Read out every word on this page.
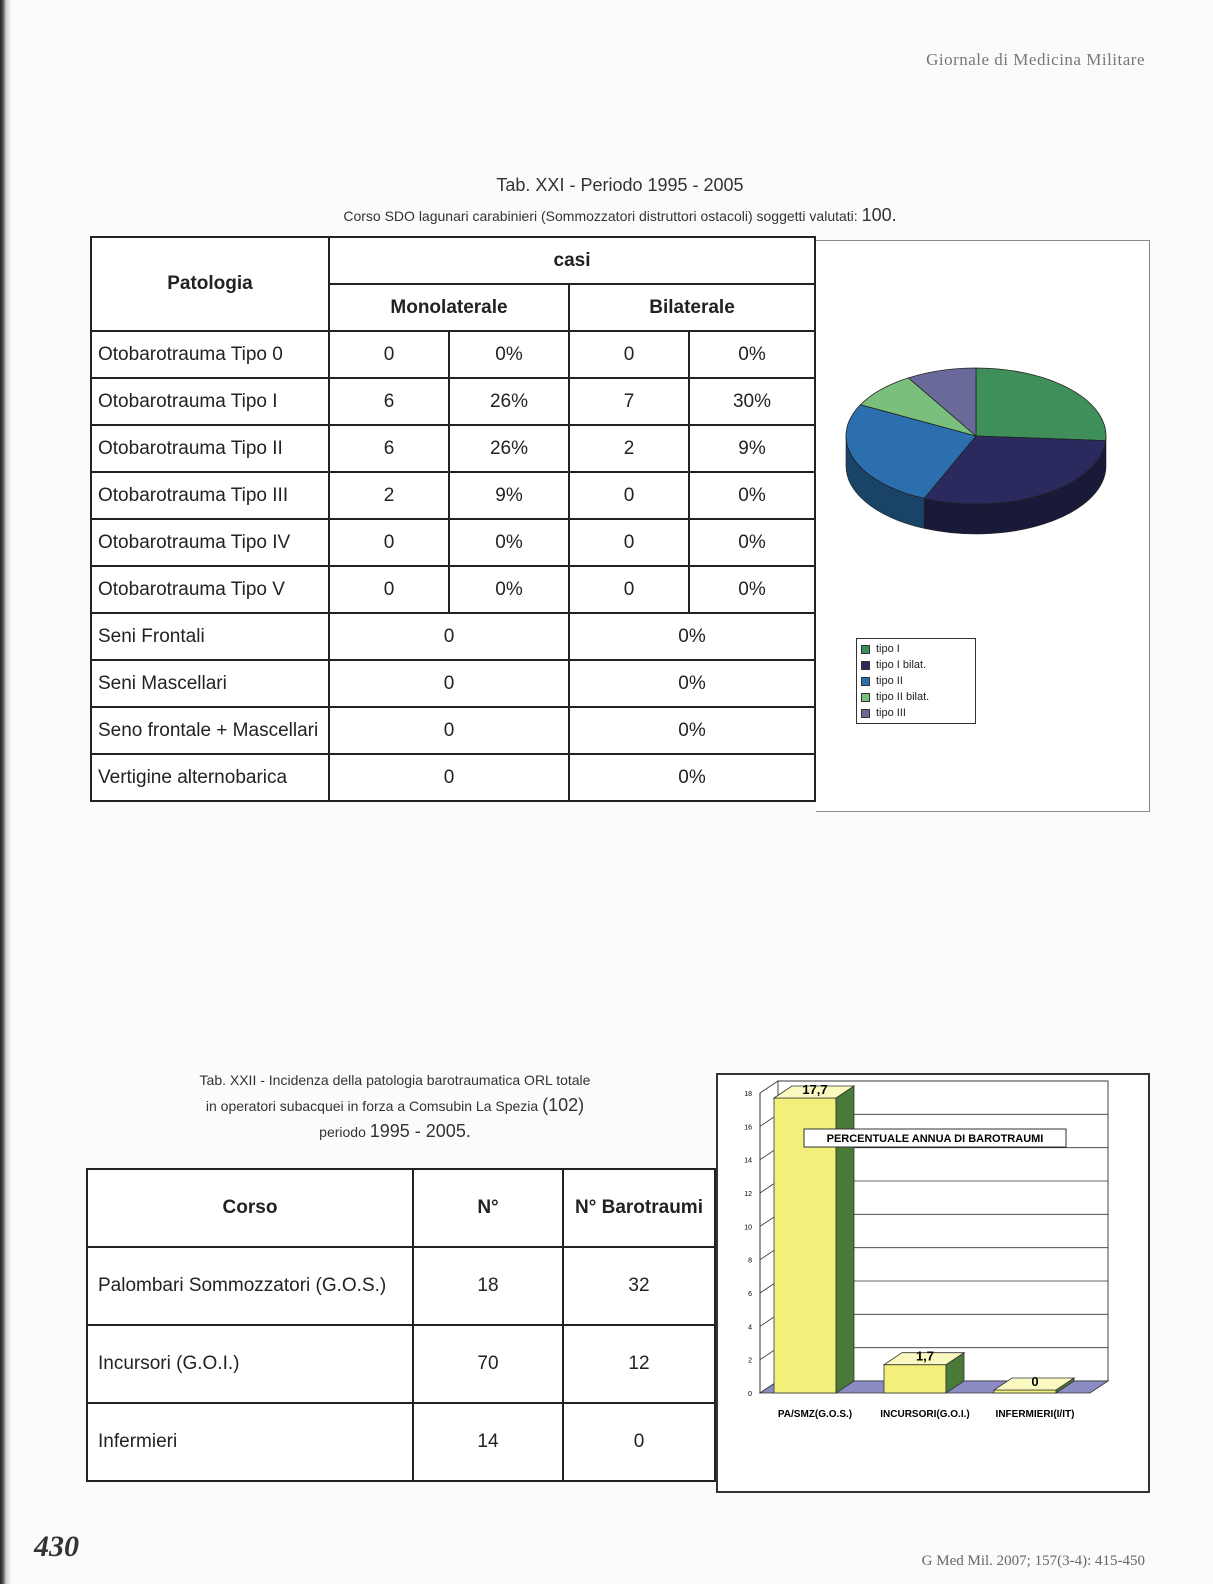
Giornale di Medicina Militare
Tab. XXI - Periodo 1995 - 2005
Corso SDO lagunari carabinieri (Sommozzatori distruttori ostacoli) soggetti valutati: 100.
Patologia	casi			
	Monolaterale		Bilaterale	
Otobarotrauma Tipo 0	0	0%	0	0%
Otobarotrauma Tipo I	6	26%	7	30%
Otobarotrauma Tipo II	6	26%	2	9%
Otobarotrauma Tipo III	2	9%	0	0%
Otobarotrauma Tipo IV	0	0%	0	0%
Otobarotrauma Tipo V	0	0%	0	0%
Seni Frontali	0		0%	
Seni Mascellari	0		0%	
Seno frontale + Mascellari	0		0%	
Vertigine alternobarica	0		0%	
tipo I
tipo I bilat.
tipo II
tipo II bilat.
tipo III
Tab. XXII - Incidenza della patologia barotraumatica ORL totale
in operatori subacquei in forza a Comsubin La Spezia (102)
periodo 1995 - 2005.
Corso	N°	N° Barotraumi
Palombari Sommozzatori (G.O.S.)	18	32
Incursori (G.O.I.)	70	12
Infermieri	14	0
0
2
4
6
8
10
12
14
16
18	17,7
PA/SMZ(G.O.S.)
1,7
INCURSORI(G.O.I.)
0
INFERMIERI(I/IT)
PERCENTUALE ANNUA DI BAROTRAUMI
430	G Med Mil. 2007; 157(3-4): 415-450
